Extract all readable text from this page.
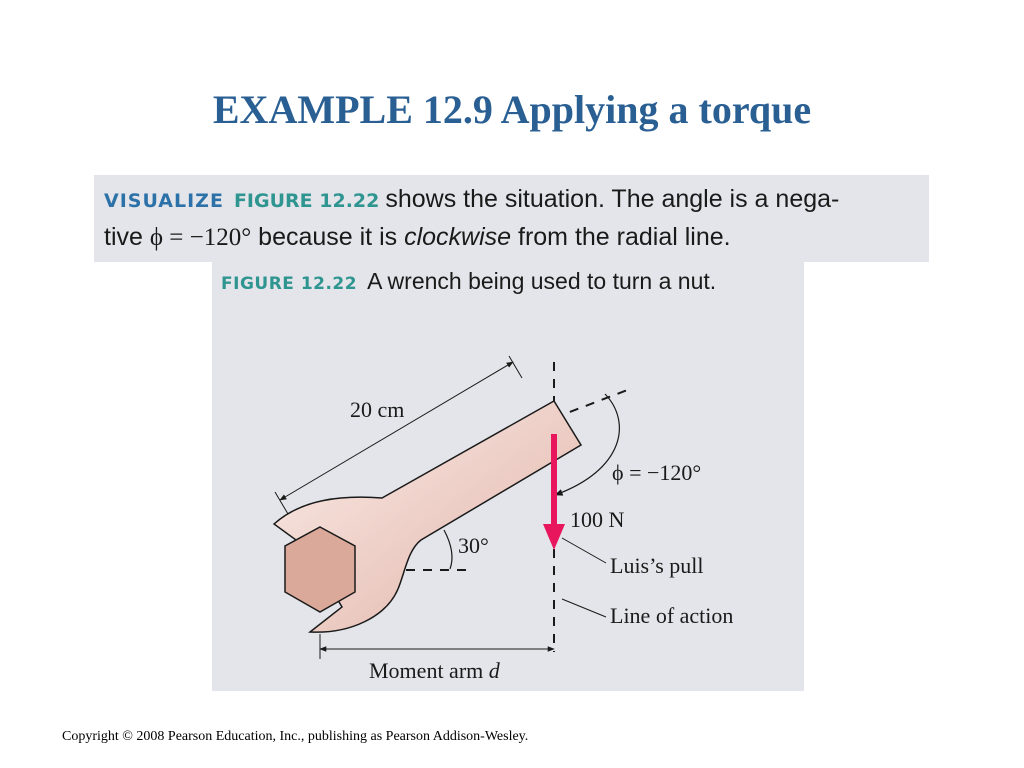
EXAMPLE 12.9 Applying a torque
VISUALIZE FIGURE 12.22 shows the situation. The angle is a nega-
tive ϕ = −120° because it is clockwise from the radial line.
20 cm
ϕ = −120°
100 N
30°
Luis’s pull
Line of action
Moment arm d
FIGURE 12.22 A wrench being used to turn a nut.
Copyright © 2008 Pearson Education, Inc., publishing as Pearson Addison-Wesley.
